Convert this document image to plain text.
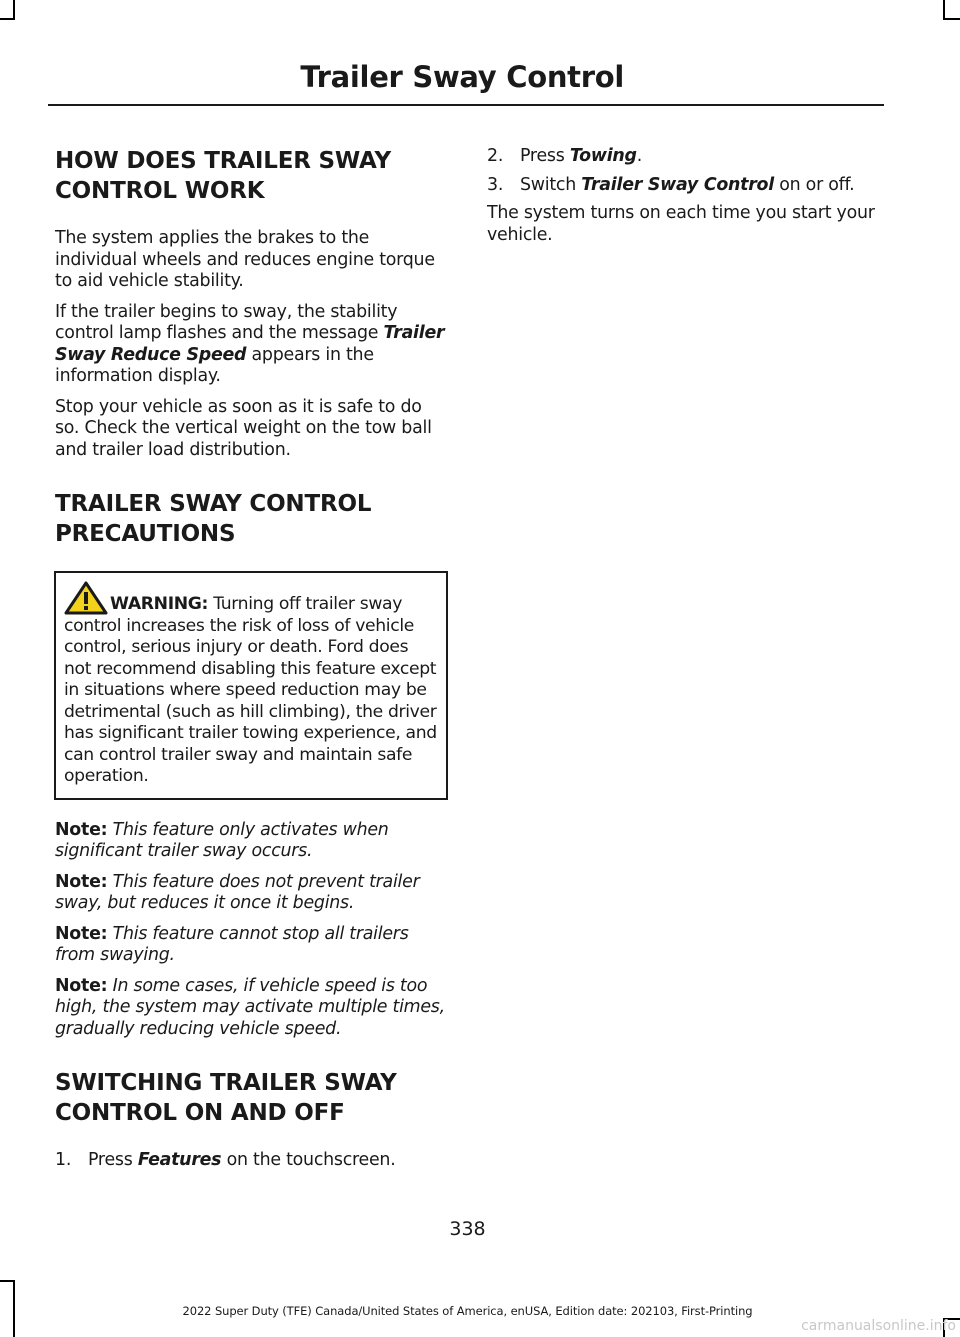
Trailer Sway Control
HOW DOES TRAILER SWAY
CONTROL WORK

The system applies the brakes to the individual wheels and reduces engine torque to aid vehicle stability.

If the trailer begins to sway, the stability control lamp flashes and the message Trailer Sway Reduce Speed appears in the information display.

Stop your vehicle as soon as it is safe to do so. Check the vertical weight on the tow ball and trailer load distribution.

TRAILER SWAY CONTROL
PRECAUTIONS

WARNING: Turning off trailer sway control increases the risk of loss of vehicle control, serious injury or death. Ford does not recommend disabling this feature except in situations where speed reduction may be detrimental (such as hill climbing), the driver has significant trailer towing experience, and can control trailer sway and maintain safe operation.

Note: This feature only activates when significant trailer sway occurs.

Note: This feature does not prevent trailer sway, but reduces it once it begins.

Note: This feature cannot stop all trailers from swaying.

Note: In some cases, if vehicle speed is too high, the system may activate multiple times, gradually reducing vehicle speed.

SWITCHING TRAILER SWAY
CONTROL ON AND OFF
1. Press Features on the touchscreen.
2. Press Towing.
3. Switch Trailer Sway Control on or off.

The system turns on each time you start your vehicle.

338
2022 Super Duty (TFE) Canada/United States of America, enUSA, Edition date: 202103, First-Printing
carmanualsonline.info
